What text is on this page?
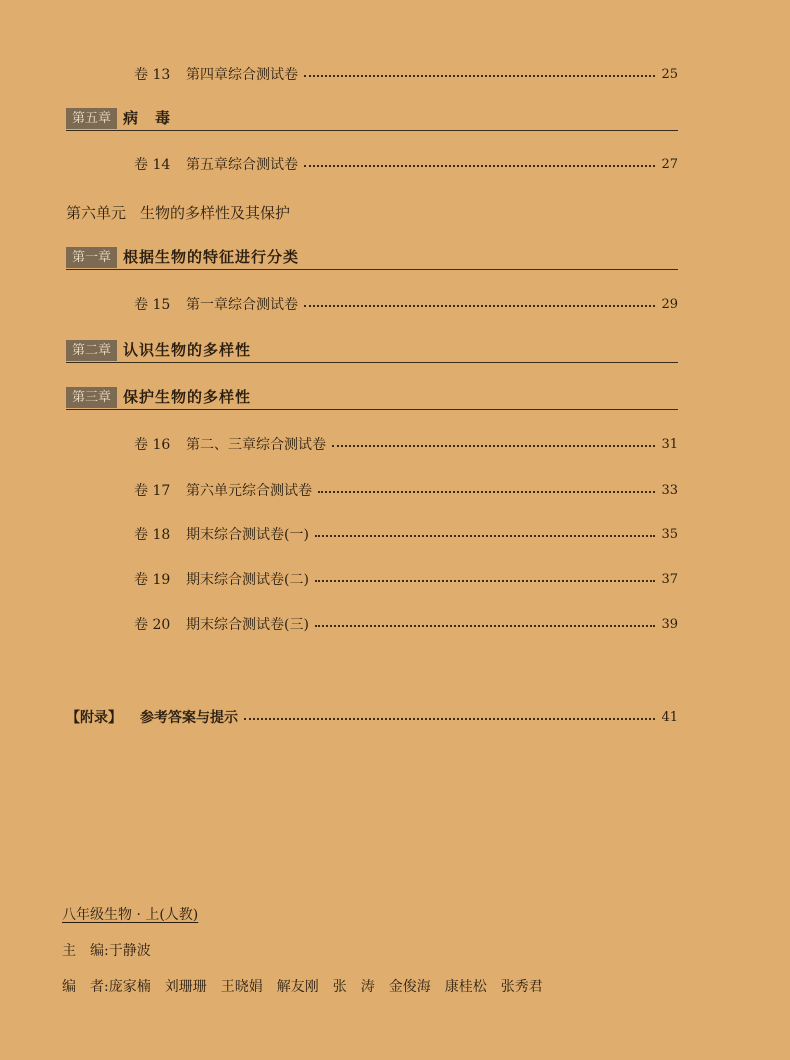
卷 13	第四章综合测试卷	25
第五章 病　毒
卷 14	第五章综合测试卷	27
第六单元 生物的多样性及其保护
第一章 根据生物的特征进行分类
卷 15	第一章综合测试卷	29
第二章 认识生物的多样性
第三章 保护生物的多样性
卷 16	第二、三章综合测试卷	31
卷 17	第六单元综合测试卷	33
卷 18	期末综合测试卷(一)	35
卷 19	期末综合测试卷(二)	37
卷 20	期末综合测试卷(三)	39
【附录】 参考答案与提示	41
八年级生物 · 上(人教)
主　编:于静波
编　者:庞家楠 刘珊珊 王晓娟 解友刚 张　涛 金俊海 康桂松 张秀君
